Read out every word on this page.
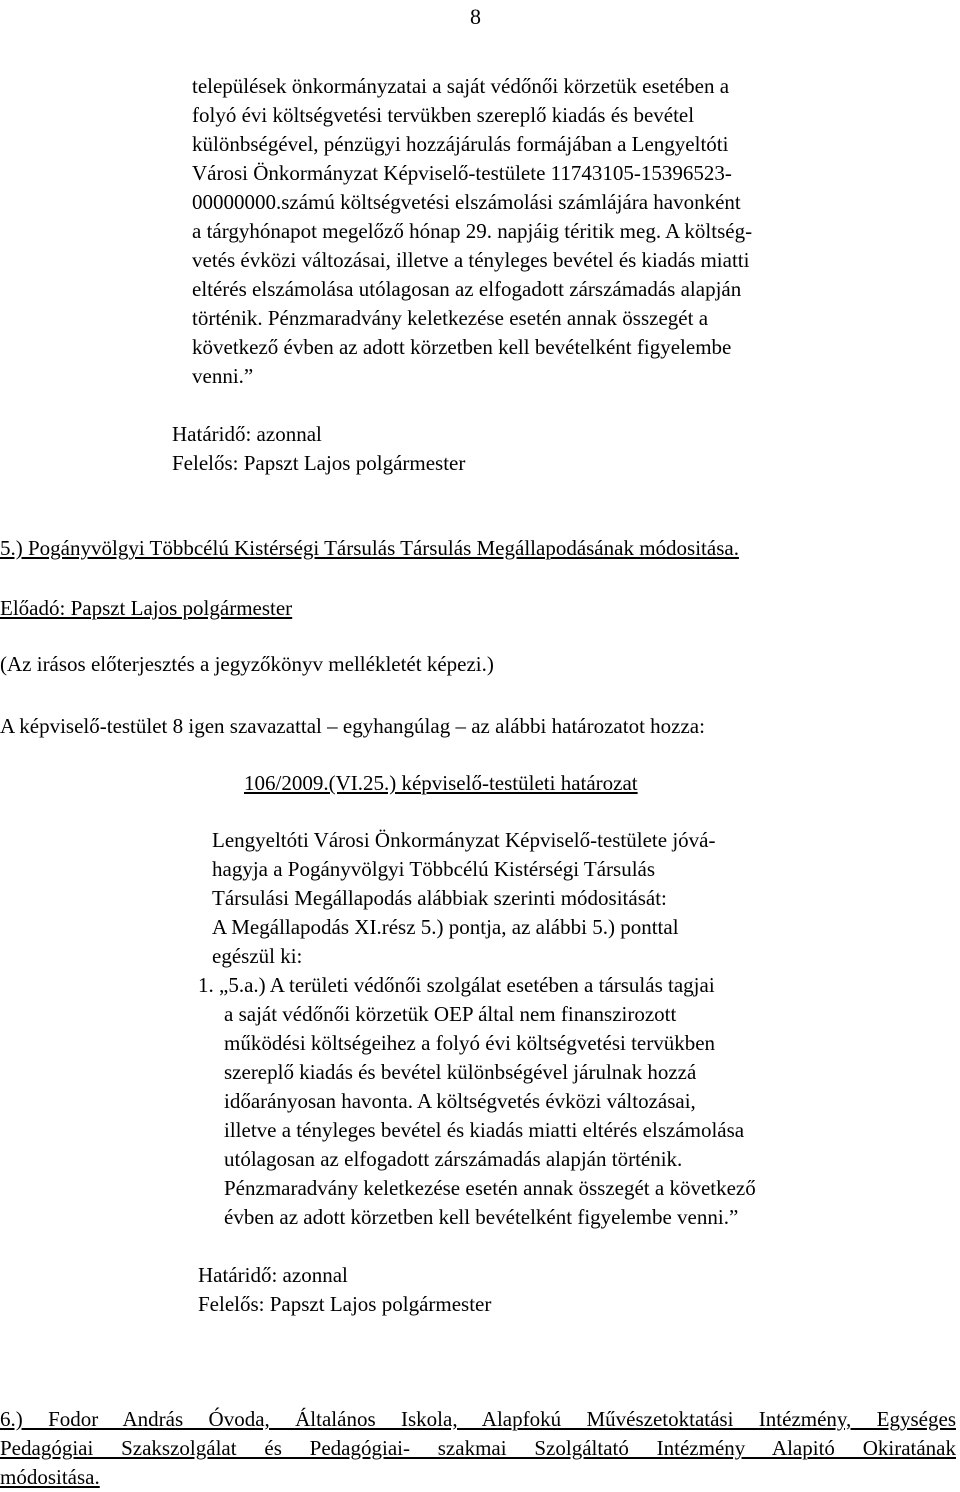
8
települések önkormányzatai a saját védőnői körzetük esetében a
folyó évi költségvetési tervükben szereplő kiadás és bevétel
különbségével, pénzügyi hozzájárulás formájában a Lengyeltóti
Városi Önkormányzat Képviselő-testülete 11743105-15396523-
00000000.számú költségvetési elszámolási számlájára havonként
a tárgyhónapot megelőző hónap 29. napjáig téritik meg. A költség-
vetés évközi változásai, illetve a tényleges bevétel és kiadás miatti
eltérés elszámolása utólagosan az elfogadott zárszámadás alapján
történik. Pénzmaradvány keletkezése esetén annak összegét a
következő évben az adott körzetben kell bevételként figyelembe
venni.”
Határidő: azonnal
Felelős: Papszt Lajos polgármester
5.) Pogányvölgyi Többcélú Kistérségi Társulás Társulás Megállapodásának módositása.
Előadó: Papszt Lajos polgármester
(Az irásos előterjesztés a jegyzőkönyv mellékletét képezi.)
A képviselő-testület 8 igen szavazattal – egyhangúlag – az alábbi határozatot hozza:
106/2009.(VI.25.) képviselő-testületi határozat
Lengyeltóti Városi Önkormányzat Képviselő-testülete jóvá-
hagyja a Pogányvölgyi Többcélú Kistérségi Társulás
Társulási Megállapodás alábbiak szerinti módositását:
A Megállapodás XI.rész 5.) pontja, az alábbi 5.) ponttal
egészül ki:
1. „5.a.) A területi védőnői szolgálat esetében a társulás tagjai
a saját védőnői körzetük OEP által nem finanszirozott
működési költségeihez a folyó évi költségvetési tervükben
szereplő kiadás és bevétel különbségével járulnak hozzá
időarányosan havonta. A költségvetés évközi változásai,
illetve a tényleges bevétel és kiadás miatti eltérés elszámolása
utólagosan az elfogadott zárszámadás alapján történik.
Pénzmaradvány keletkezése esetén annak összegét a következő
évben az adott körzetben kell bevételként figyelembe venni.”
Határidő: azonnal
Felelős: Papszt Lajos polgármester
6.) Fodor András Óvoda, Általános Iskola, Alapfokú Művészetoktatási Intézmény, Egységes
Pedagógiai Szakszolgálat és Pedagógiai- szakmai Szolgáltató Intézmény Alapitó Okiratának
módositása.
